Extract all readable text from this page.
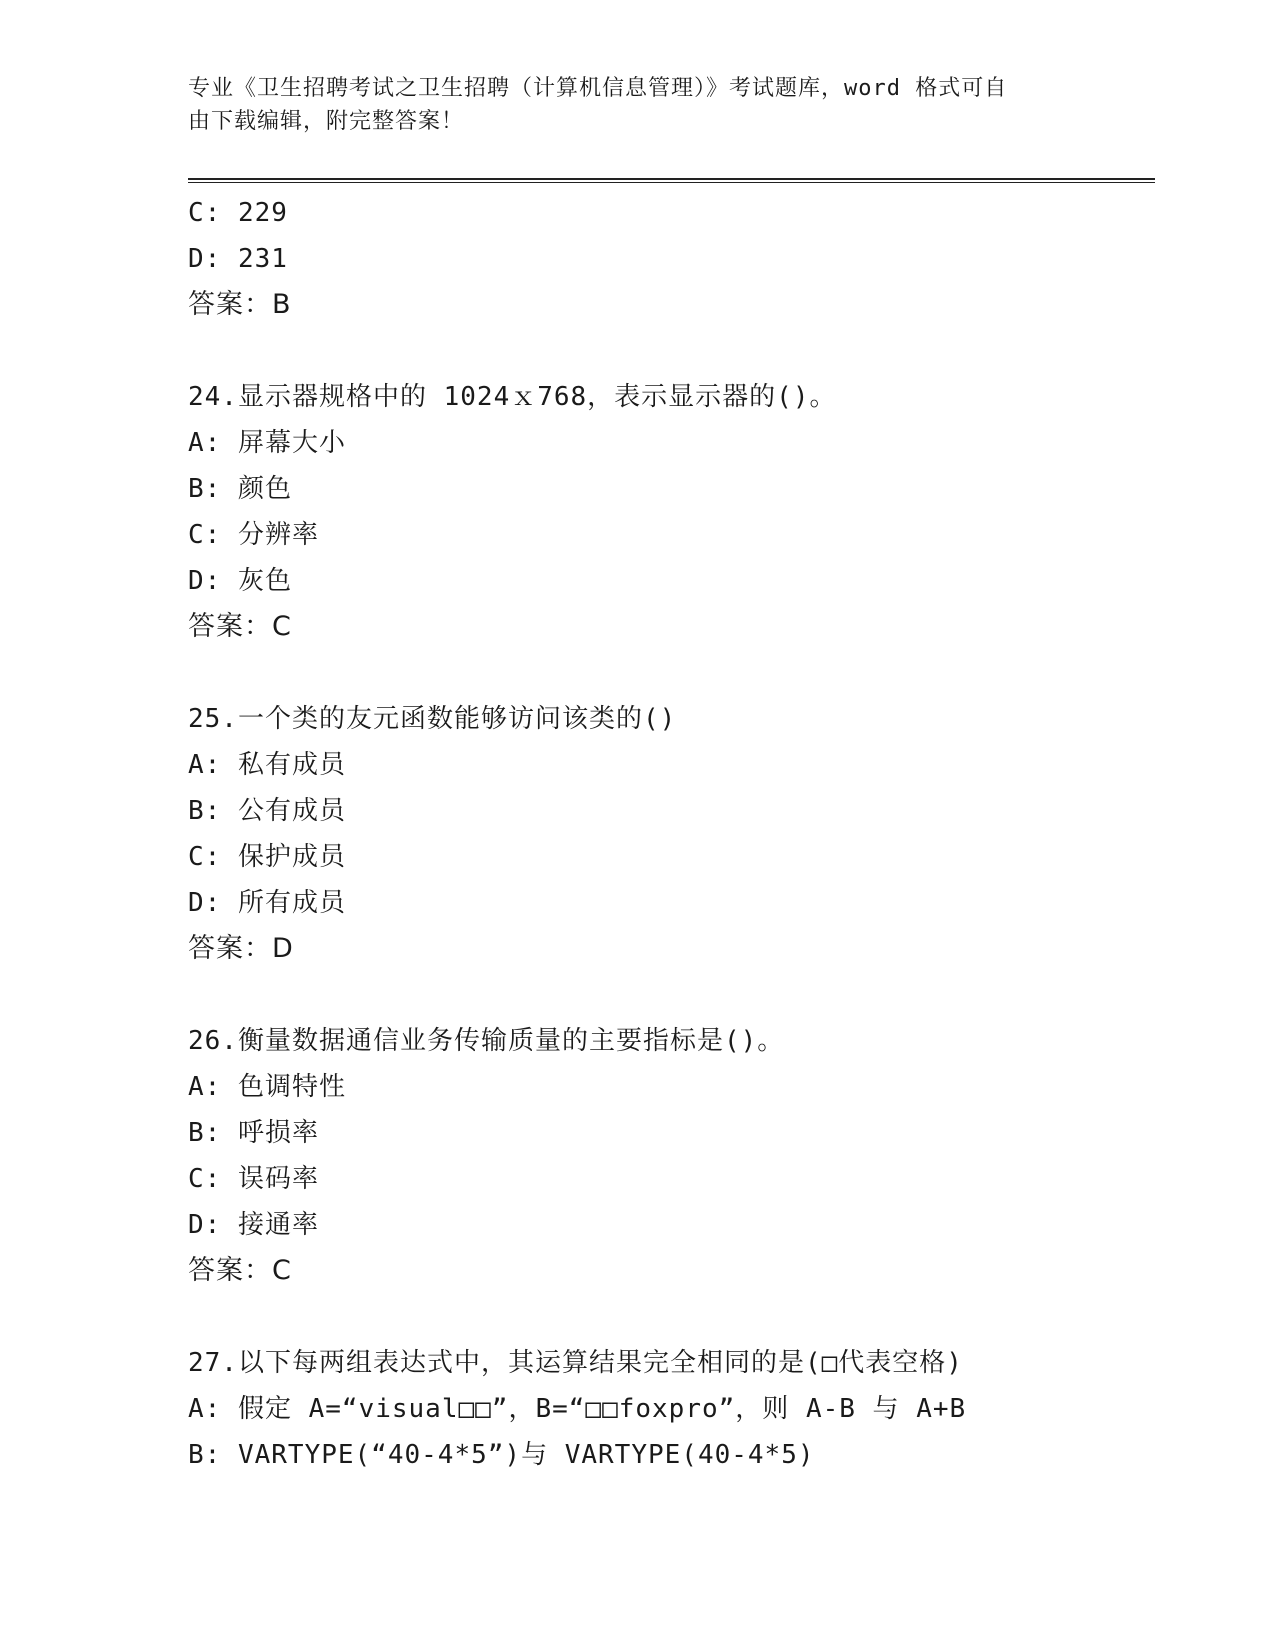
专业《卫生招聘考试之卫生招聘（计算机信息管理）》考试题库，word 格式可自
由下载编辑，附完整答案！
C: 229
D: 231
答案：B
24.显示器规格中的 1024ｘ768，表示显示器的()。
A: 屏幕大小
B: 颜色
C: 分辨率
D: 灰色
答案：C
25.一个类的友元函数能够访问该类的()
A: 私有成员
B: 公有成员
C: 保护成员
D: 所有成员
答案：D
26.衡量数据通信业务传输质量的主要指标是()。
A: 色调特性
B: 呼损率
C: 误码率
D: 接通率
答案：C
27.以下每两组表达式中，其运算结果完全相同的是(□代表空格)
A: 假定 A=“visual□□”，B=“□□foxpro”，则 A-B 与 A+B
B: VARTYPE(“40-4*5”)与 VARTYPE(40-4*5)
